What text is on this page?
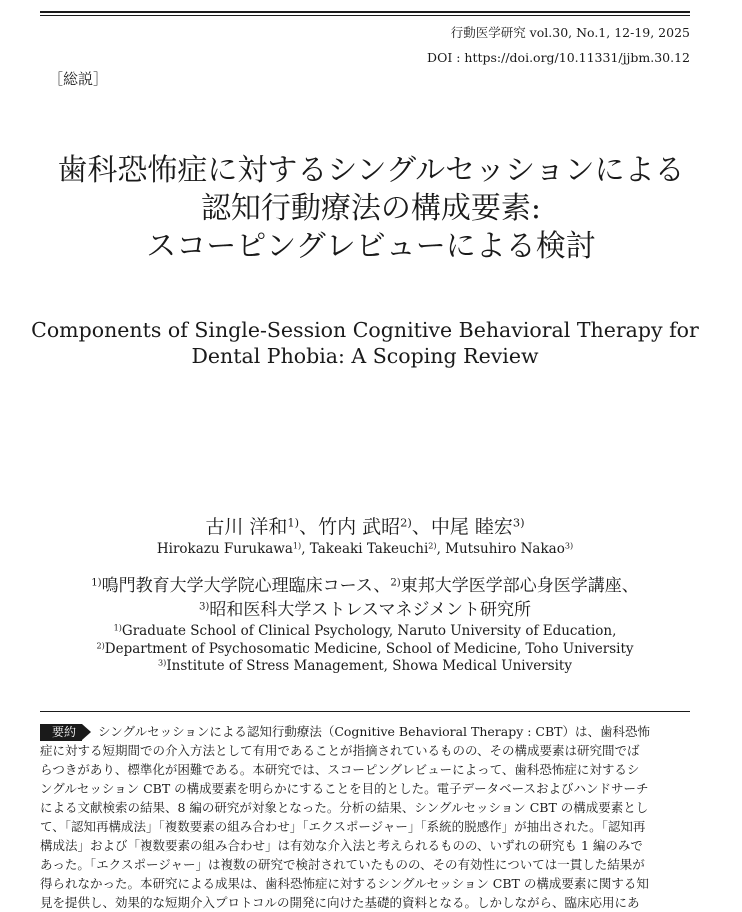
行動医学研究 vol.30, No.1, 12-19, 2025
DOI : https://doi.org/10.11331/jjbm.30.12
［総説］
歯科恐怖症に対するシングルセッションによる
認知行動療法の構成要素:
スコーピングレビューによる検討
Components of Single-Session Cognitive Behavioral Therapy for
Dental Phobia: A Scoping Review
古川 洋和$^{1)}$、竹内 武昭$^{2)}$、中尾 睦宏$^{3)}$
Hirokazu Furukawa$^{1)}$, Takeaki Takeuchi$^{2)}$, Mutsuhiro Nakao$^{3)}$
$^{1)}$鳴門教育大学大学院心理臨床コース、$^{2)}$東邦大学医学部心身医学講座、
$^{3)}$昭和医科大学ストレスマネジメント研究所
$^{1)}$Graduate School of Clinical Psychology, Naruto University of Education,
$^{2)}$Department of Psychosomatic Medicine, School of Medicine, Toho University
$^{3)}$Institute of Stress Management, Showa Medical University
要約 シングルセッションによる認知行動療法（Cognitive Behavioral Therapy : CBT）は、歯科恐怖
症に対する短期間での介入方法として有用であることが指摘されているものの、その構成要素は研究間でば
らつきがあり、標準化が困難である。本研究では、スコーピングレビューによって、歯科恐怖症に対するシ
ングルセッション CBT の構成要素を明らかにすることを目的とした。電子データベースおよびハンドサーチ
による文献検索の結果、8 編の研究が対象となった。分析の結果、シングルセッション CBT の構成要素とし
て、「認知再構成法」「複数要素の組み合わせ」「エクスポージャー」「系統的脱感作」が抽出された。「認知再
構成法」および「複数要素の組み合わせ」は有効な介入法と考えられるものの、いずれの研究も 1 編のみで
あった。「エクスポージャー」は複数の研究で検討されていたものの、その有効性については一貫した結果が
得られなかった。本研究による成果は、歯科恐怖症に対するシングルセッション CBT の構成要素に関する知
見を提供し、効果的な短期介入プロトコルの開発に向けた基礎的資料となる。しかしながら、臨床応用にあ
